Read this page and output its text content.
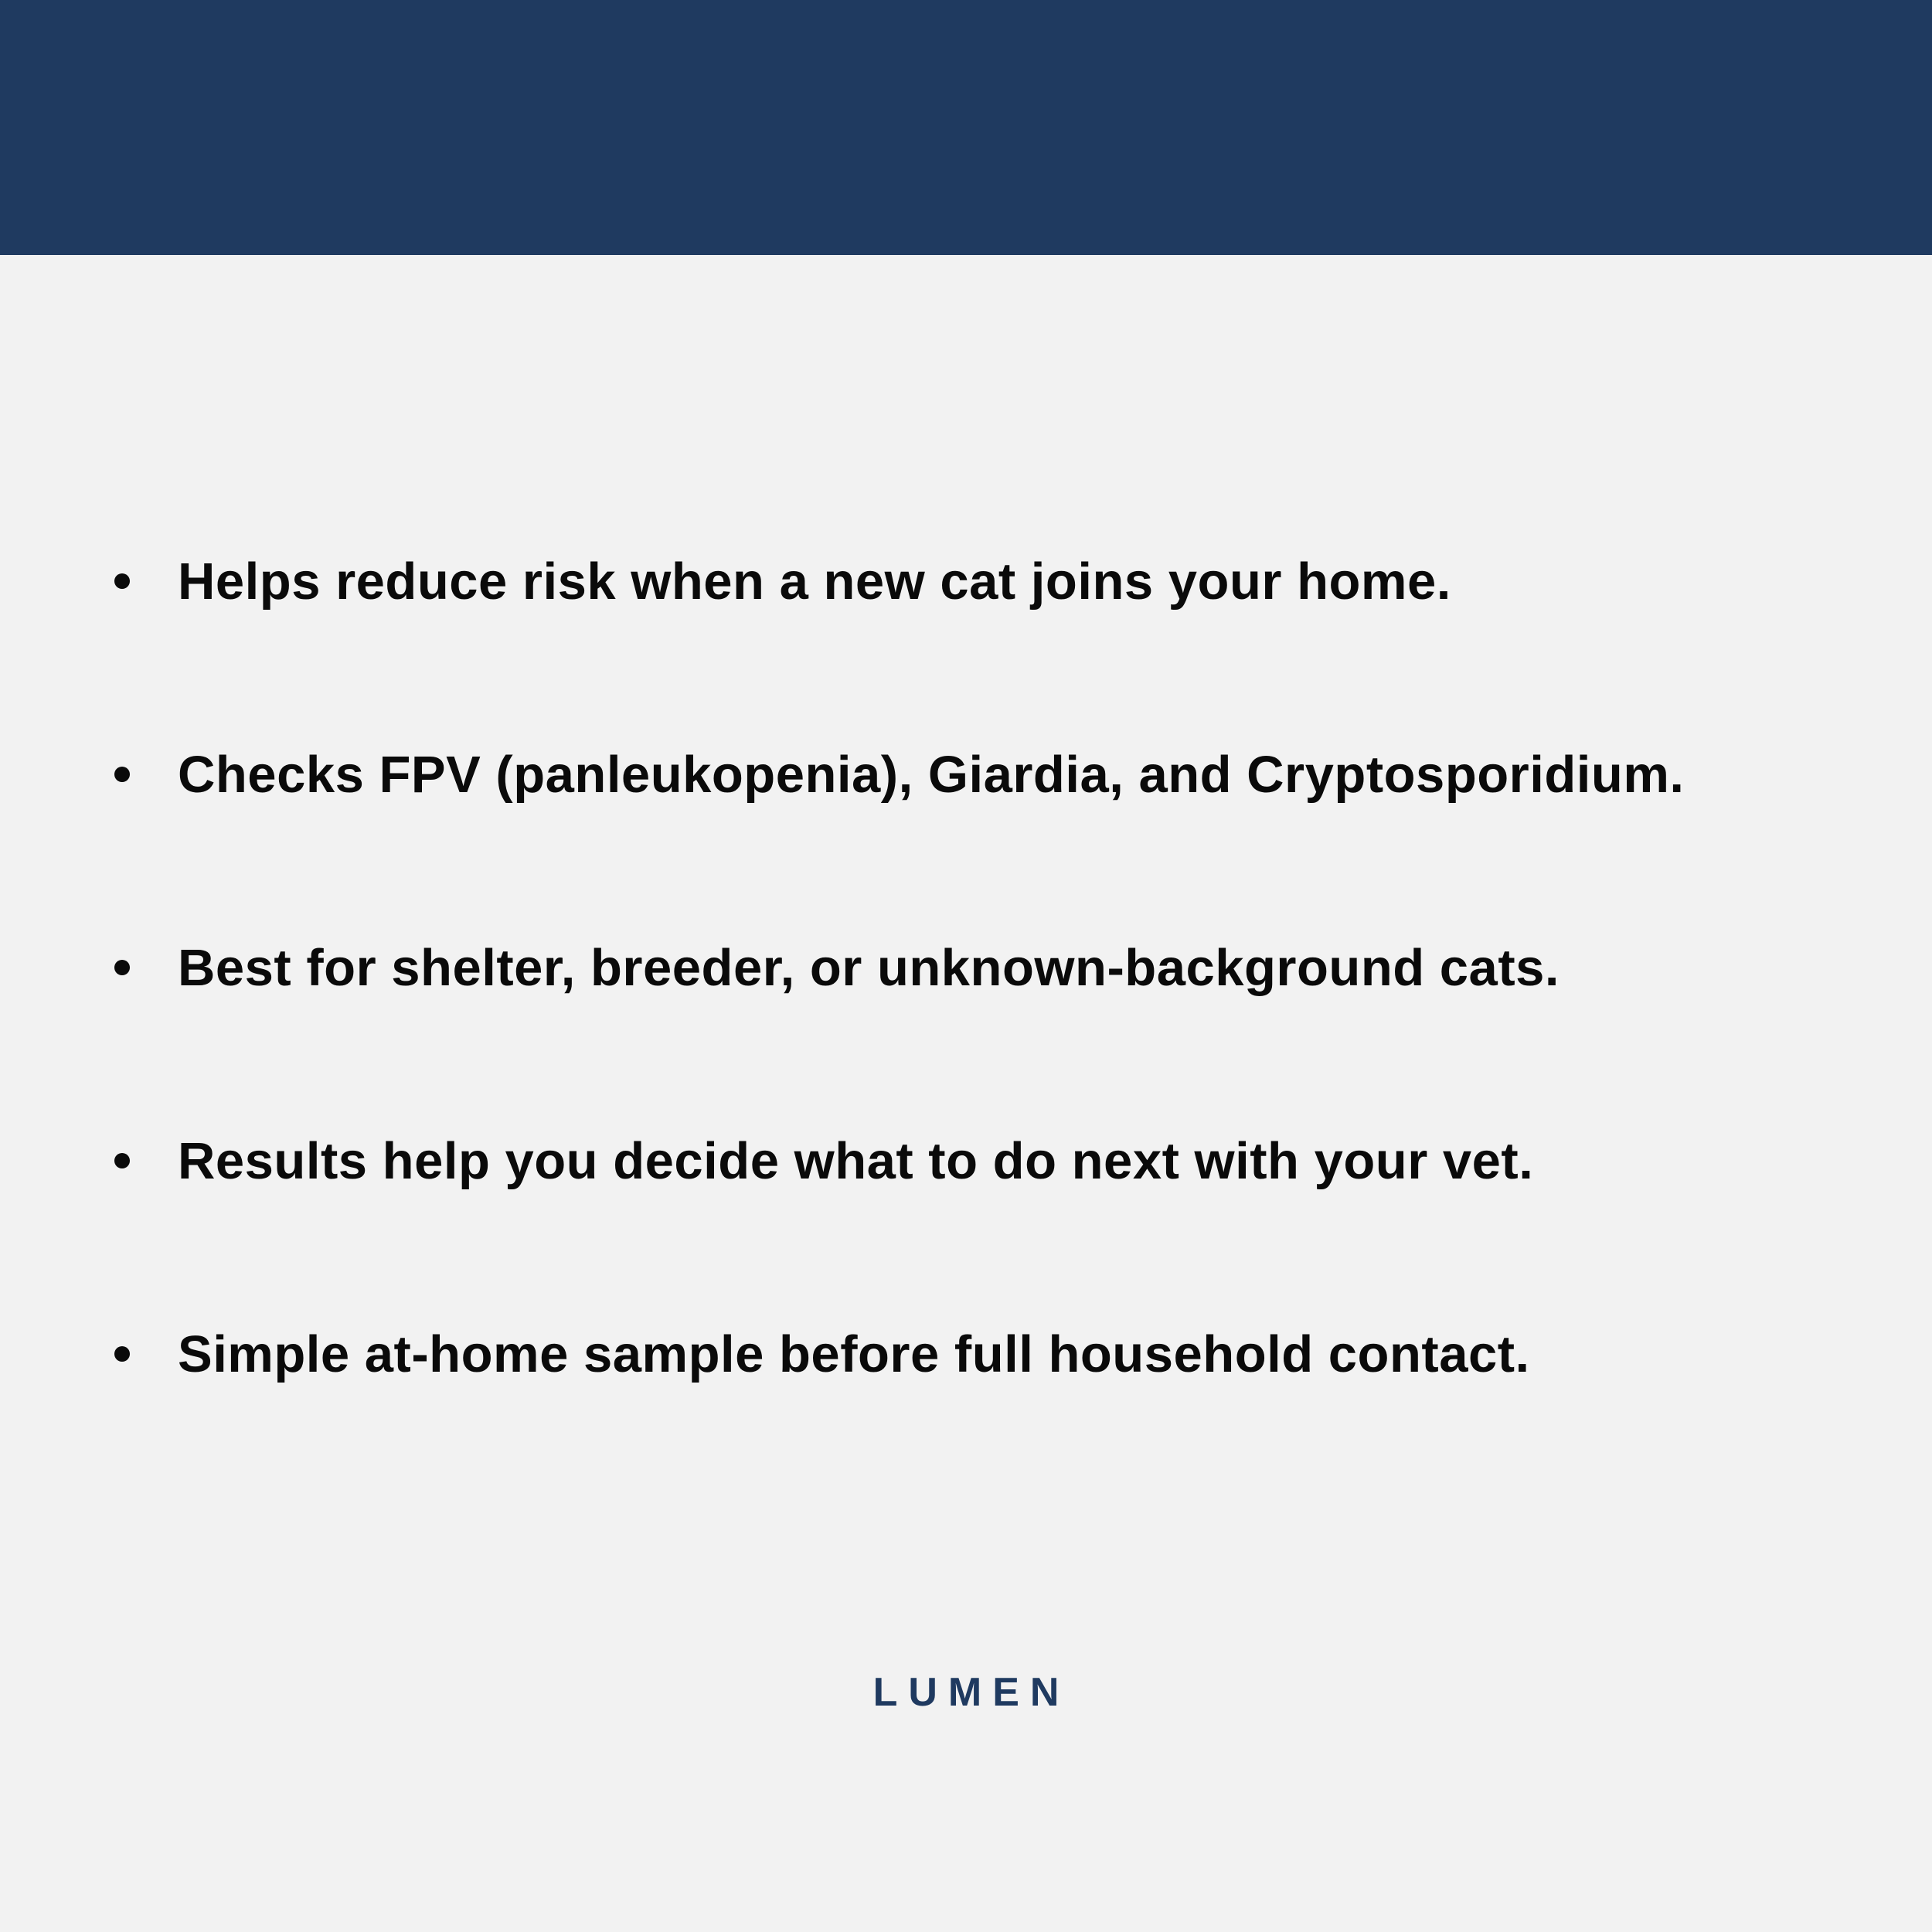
Helps reduce risk when a new cat joins your home.
Checks FPV (panleukopenia), Giardia, and Cryptosporidium.
Best for shelter, breeder, or unknown-background cats.
Results help you decide what to do next with your vet.
Simple at-home sample before full household contact.
LUMEN
